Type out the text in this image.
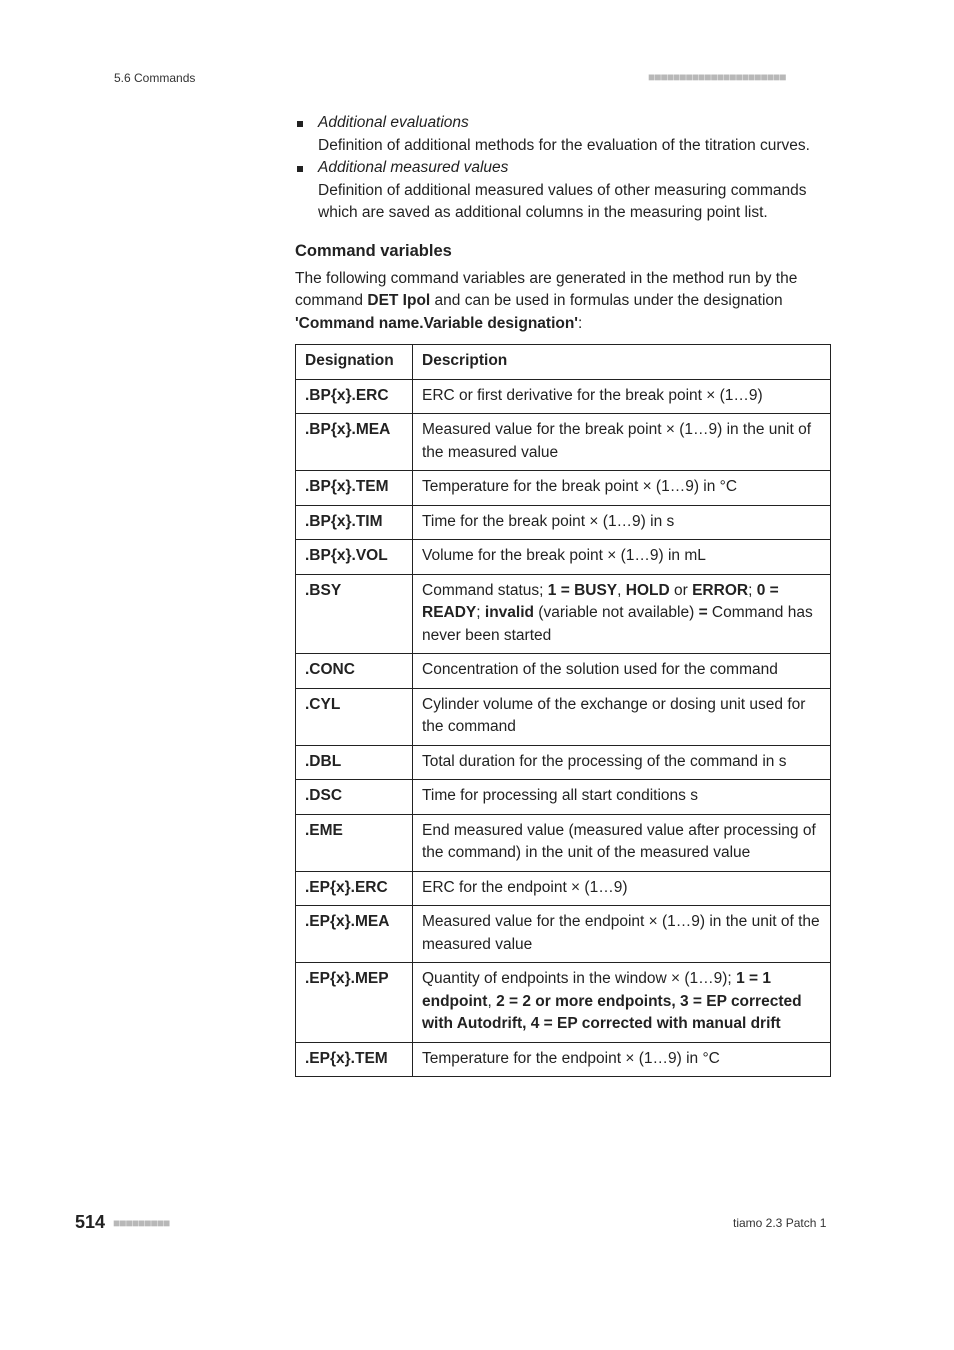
5.6 Commands	■■■■■■■■■■■■■■■■■■■■■■
Additional evaluations
Definition of additional methods for the evaluation of the titration curves.
Additional measured values
Definition of additional measured values of other measuring commands which are saved as additional columns in the measuring point list.
Command variables

The following command variables are generated in the method run by the command DET Ipol and can be used in formulas under the designation 'Command name.Variable designation':

Designation	Description
.BP{x}.ERC	ERC or first derivative for the break point × (1…9)
.BP{x}.MEA	Measured value for the break point × (1…9) in the unit of the measured value
.BP{x}.TEM	Temperature for the break point × (1…9) in °C
.BP{x}.TIM	Time for the break point × (1…9) in s
.BP{x}.VOL	Volume for the break point × (1…9) in mL
.BSY	Command status; 1 = BUSY, HOLD or ERROR; 0 = READY; invalid (variable not available) = Command has never been started
.CONC	Concentration of the solution used for the command
.CYL	Cylinder volume of the exchange or dosing unit used for the command
.DBL	Total duration for the processing of the command in s
.DSC	Time for processing all start conditions s
.EME	End measured value (measured value after processing of the command) in the unit of the measured value
.EP{x}.ERC	ERC for the endpoint × (1…9)
.EP{x}.MEA	Measured value for the endpoint × (1…9) in the unit of the measured value
.EP{x}.MEP	Quantity of endpoints in the window × (1…9); 1 = 1 endpoint, 2 = 2 or more endpoints, 3 = EP corrected with Autodrift, 4 = EP corrected with manual drift
.EP{x}.TEM	Temperature for the endpoint × (1…9) in °C
514 ■■■■■■■■■	tiamo 2.3 Patch 1
